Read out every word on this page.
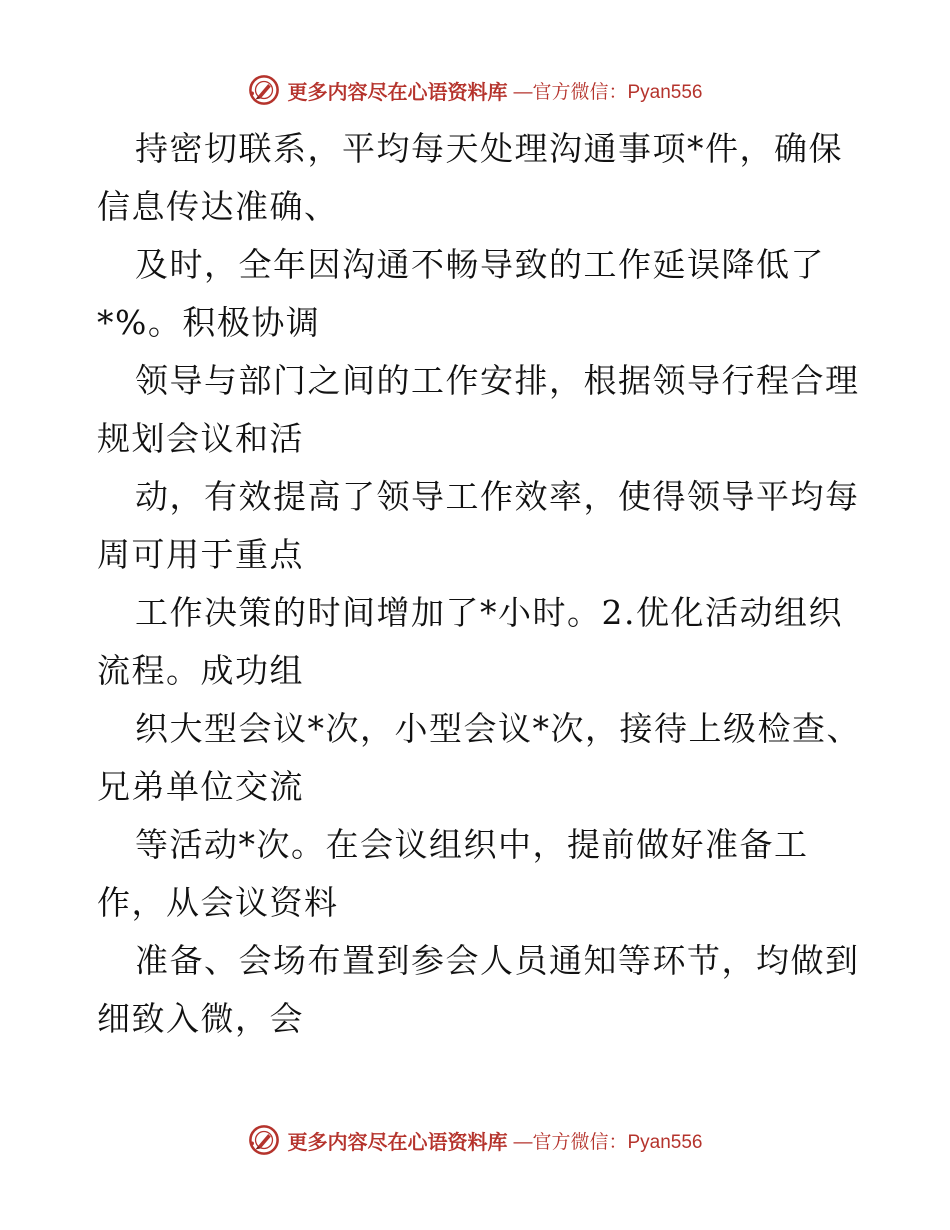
更多内容尽在心语资料库 —官方微信：Pyan556
持密切联系，平均每天处理沟通事项*件，确保
信息传达准确、
及时，全年因沟通不畅导致的工作延误降低了
*%。积极协调
领导与部门之间的工作安排，根据领导行程合理
规划会议和活
动，有效提高了领导工作效率，使得领导平均每
周可用于重点
工作决策的时间增加了*小时。2.优化活动组织
流程。成功组
织大型会议*次，小型会议*次，接待上级检查、
兄弟单位交流
等活动*次。在会议组织中，提前做好准备工
作，从会议资料
准备、会场布置到参会人员通知等环节，均做到
细致入微，会
更多内容尽在心语资料库 —官方微信：Pyan556
